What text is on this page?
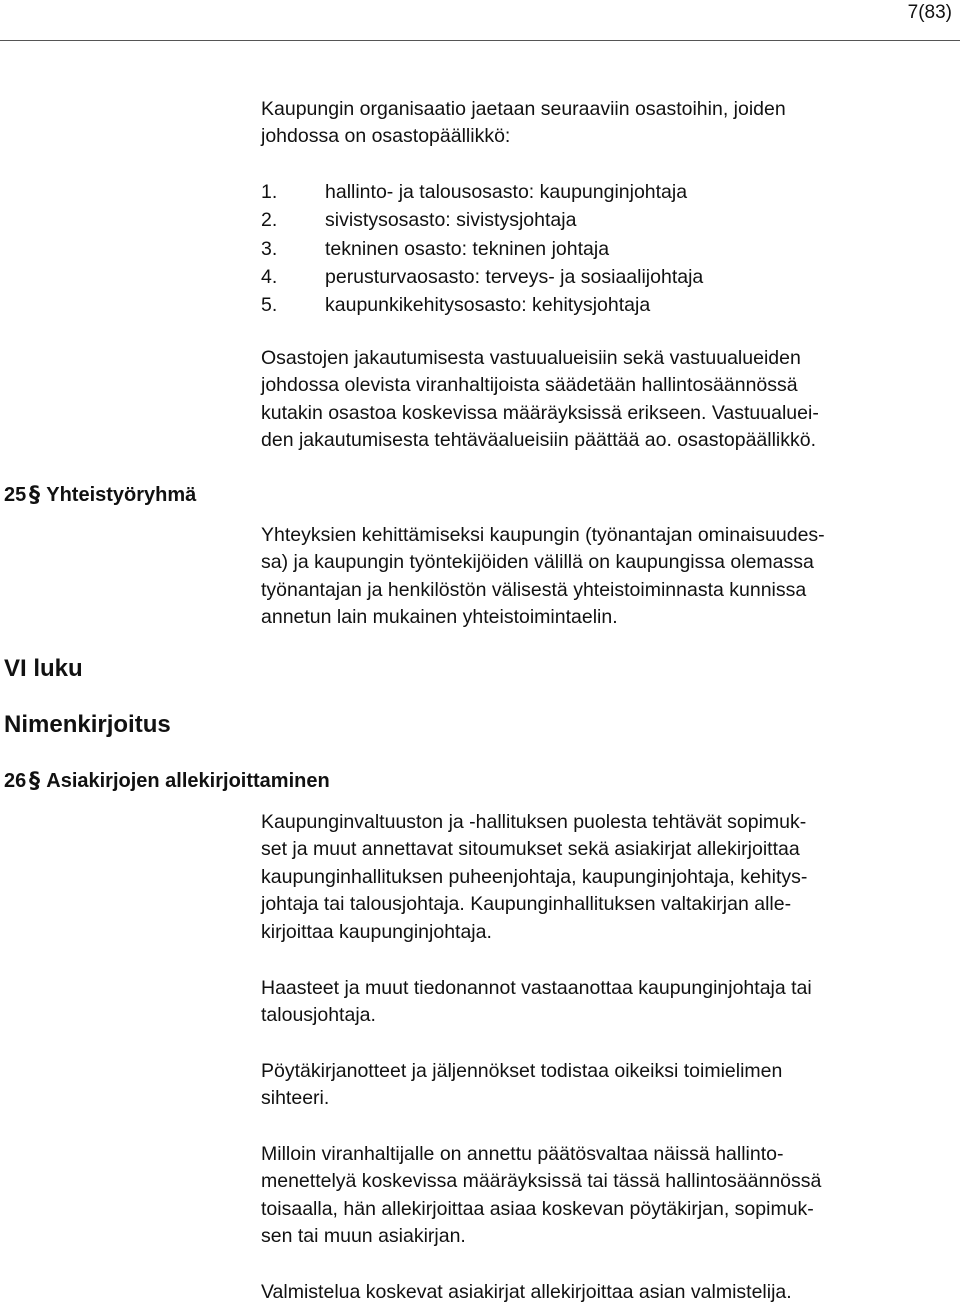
7(83)

Kaupungin organisaatio jaetaan seuraaviin osastoihin, joiden
johdossa on osastopäällikkö:

1.	hallinto- ja talousosasto: kaupunginjohtaja
2.	sivistysosasto: sivistysjohtaja
3.	tekninen osasto: tekninen johtaja
4.	perusturvaosasto: terveys- ja sosiaalijohtaja
5.	kaupunkikehitysosasto: kehitysjohtaja

Osastojen jakautumisesta vastuualueisiin sekä vastuualueiden
johdossa olevista viranhaltijoista säädetään hallintosäännössä
kutakin osastoa koskevissa määräyksissä erikseen. Vastuualuei-
den jakautumisesta tehtäväalueisiin päättää ao. osastopäällikkö.

25 § Yhteistyöryhmä

Yhteyksien kehittämiseksi kaupungin (työnantajan ominaisuudes-
sa) ja kaupungin työntekijöiden välillä on kaupungissa olemassa
työnantajan ja henkilöstön välisestä yhteistoiminnasta kunnissa
annetun lain mukainen yhteistoimintaelin.

VI luku
Nimenkirjoitus
26 § Asiakirjojen allekirjoittaminen

Kaupunginvaltuuston ja -hallituksen puolesta tehtävät sopimuk-
set ja muut annettavat sitoumukset sekä asiakirjat allekirjoittaa
kaupunginhallituksen puheenjohtaja, kaupunginjohtaja, kehitys-
johtaja tai talousjohtaja. Kaupunginhallituksen valtakirjan alle-
kirjoittaa kaupunginjohtaja.

Haasteet ja muut tiedonannot vastaanottaa kaupunginjohtaja tai
talousjohtaja.

Pöytäkirjanotteet ja jäljennökset todistaa oikeiksi toimielimen
sihteeri.

Milloin viranhaltijalle on annettu päätösvaltaa näissä hallinto-
menettelyä koskevissa määräyksissä tai tässä hallintosäännössä
toisaalla, hän allekirjoittaa asiaa koskevan pöytäkirjan, sopimuk-
sen tai muun asiakirjan.

Valmistelua koskevat asiakirjat allekirjoittaa asian valmistelija.
